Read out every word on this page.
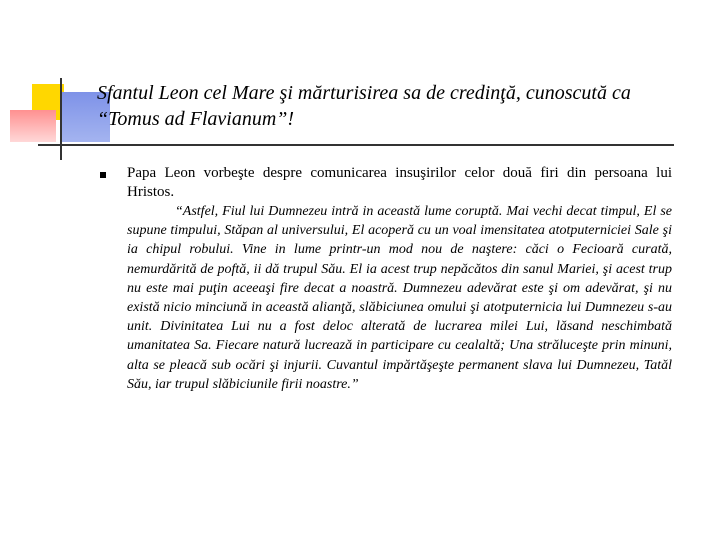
Sfantul Leon cel Mare şi mărturisirea sa de credinţă, cunoscută ca “Tomus ad Flavianum”!

Papa Leon vorbeşte despre comunicarea insuşirilor celor două firi din persoana lui Hristos.

“Astfel, Fiul lui Dumnezeu intră in această lume coruptă. Mai vechi decat timpul, El se supune timpului, Stăpan al universului, El acoperă cu un voal imensitatea atotputerniciei Sale şi ia chipul robului. Vine in lume printr-un mod nou de naştere: căci o Fecioară curată, nemurdărită de poftă, ii dă trupul Său. El ia acest trup nepăcătos din sanul Mariei, şi acest trup nu este mai puţin aceeaşi fire decat a noastră. Dumnezeu adevărat este şi om adevărat, şi nu există nicio minciună in această alianţă, slăbiciunea omului şi atotputernicia lui Dumnezeu s-au unit. Divinitatea Lui nu a fost deloc alterată de lucrarea milei Lui, lăsand neschimbată umanitatea Sa. Fiecare natură lucrează in participare cu cealaltă; Una străluceşte prin minuni, alta se pleacă sub ocări şi injurii. Cuvantul impărtăşeşte permanent slava lui Dumnezeu, Tatăl Său, iar trupul slăbiciunile firii noastre.”
